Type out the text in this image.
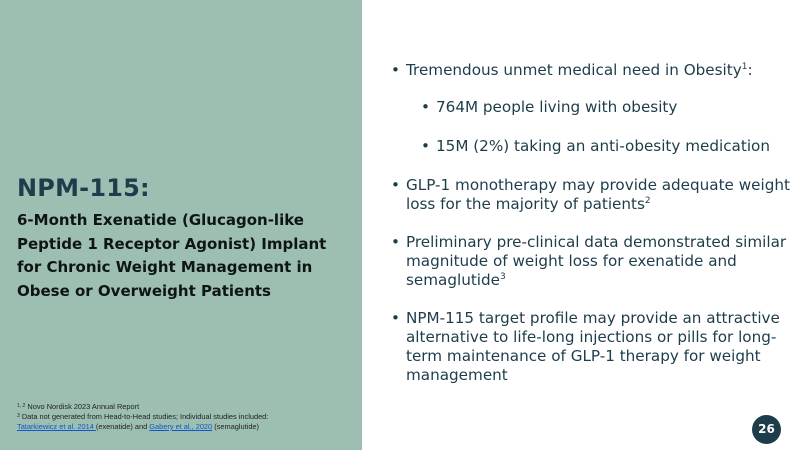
NPM-115:
6-Month Exenatide (Glucagon-like Peptide 1 Receptor Agonist) Implant for Chronic Weight Management in Obese or Overweight Patients
$^{1, 2}$ Novo Nordisk 2023 Annual Report
$^3$ Data not generated from Head-to-Head studies; Individual studies included:
Tatarkiewicz et al. 2014 (exenatide) and Gabery et al., 2020 (semaglutide)
• Tremendous unmet medical need in Obesity$^1$:
• 764M people living with obesity
• 15M (2%) taking an anti-obesity medication
• GLP-1 monotherapy may provide adequate weight loss for the majority of patients$^2$
• Preliminary pre-clinical data demonstrated similar magnitude of weight loss for exenatide and semaglutide$^3$
• NPM-115 target profile may provide an attractive alternative to life-long injections or pills for long-term maintenance of GLP-1 therapy for weight management
26
